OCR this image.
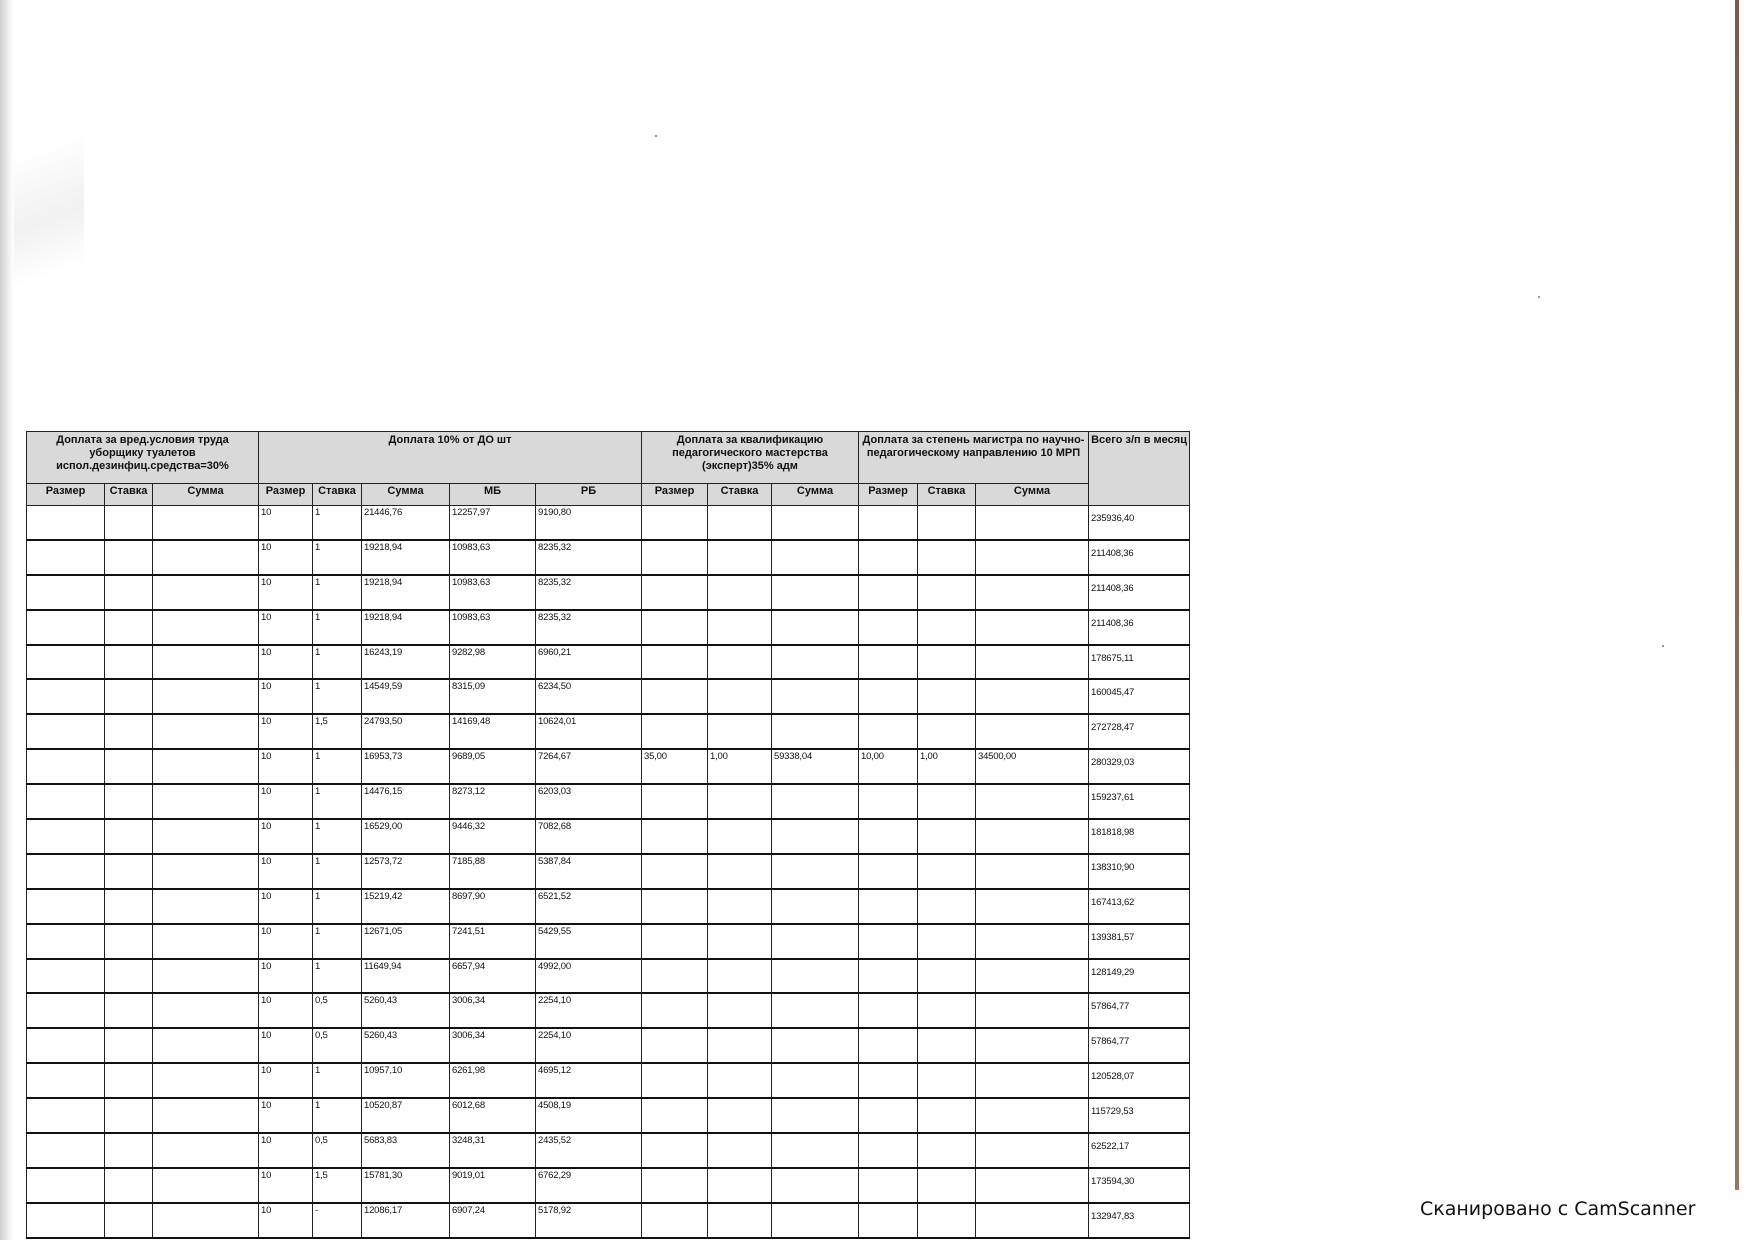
Доплата за вред.условия труда уборщику туалетов испол.дезинфиц.средства=30%			Доплата 10% от ДО шт					Доплата за квалификацию педагогического мастерства (эксперт)35% адм			Доплата за степень магистра по научно-педагогическому направлению 10 МРП			Всего з/п в месяц
Размер	Ставка	Сумма	Размер	Ставка	Сумма	МБ	РБ	Размер	Ставка	Сумма	Размер	Ставка	Сумма	
			10	1	21446,76	12257,97	9190,80							235936,40
			10	1	19218,94	10983,63	8235,32							211408,36
			10	1	19218,94	10983,63	8235,32							211408,36
			10	1	19218,94	10983,63	8235,32							211408,36
			10	1	16243,19	9282,98	6960,21							178675,11
			10	1	14549,59	8315,09	6234,50							160045,47
			10	1,5	24793,50	14169,48	10624,01							272728,47
			10	1	16953,73	9689,05	7264,67	35,00	1,00	59338,04	10,00	1,00	34500,00	280329,03
			10	1	14476,15	8273,12	6203,03							159237,61
			10	1	16529,00	9446,32	7082,68							181818,98
			10	1	12573,72	7185,88	5387,84							138310,90
			10	1	15219,42	8697,90	6521,52							167413,62
			10	1	12671,05	7241,51	5429,55							139381,57
			10	1	11649,94	6657,94	4992,00							128149,29
			10	0,5	5260,43	3006,34	2254,10							57864,77
			10	0,5	5260,43	3006,34	2254,10							57864,77
			10	1	10957,10	6261,98	4695,12							120528,07
			10	1	10520,87	6012,68	4508,19							115729,53
			10	0,5	5683,83	3248,31	2435,52							62522,17
			10	1,5	15781,30	9019,01	6762,29							173594,30
			10	-	12086,17	6907,24	5178,92							132947,83	Сканировано с CamScanner
